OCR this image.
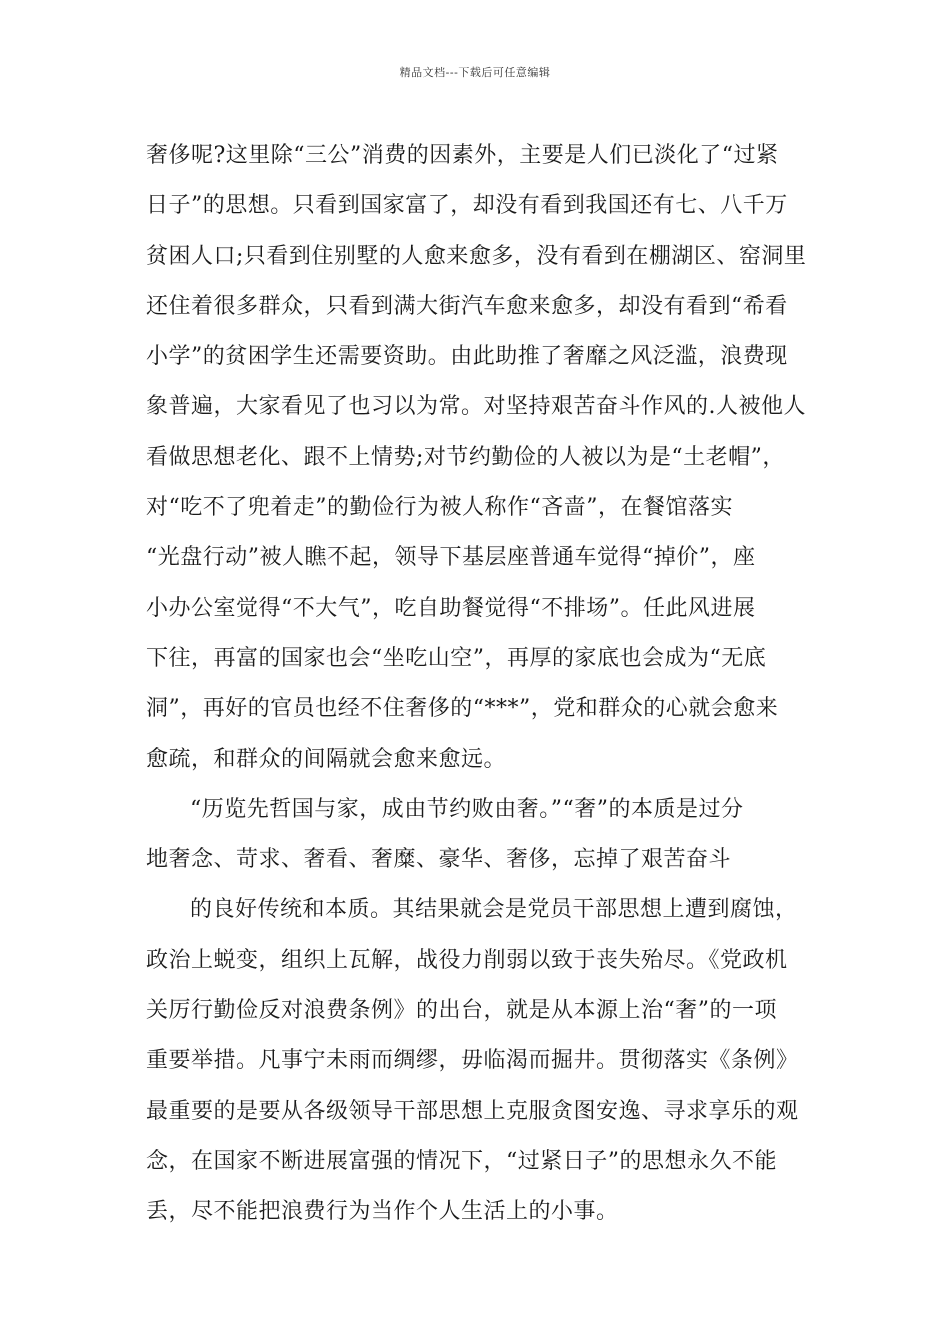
精品文档---下载后可任意编辑
奢侈呢?这里除“三公”消费的因素外，主要是人们已淡化了“过紧
日子”的思想。只看到国家富了，却没有看到我国还有七、八千万
贫困人口;只看到住别墅的人愈来愈多，没有看到在棚湖区、窑洞里
还住着很多群众，只看到满大街汽车愈来愈多，却没有看到“希看
小学”的贫困学生还需要资助。由此助推了奢靡之风泛滥，浪费现
象普遍，大家看见了也习以为常。对坚持艰苦奋斗作风的.人被他人
看做思想老化、跟不上情势;对节约勤俭的人被以为是“土老帽”，
对“吃不了兜着走”的勤俭行为被人称作“吝啬”，在餐馆落实
“光盘行动”被人瞧不起，领导下基层座普通车觉得“掉价”，座
小办公室觉得“不大气”，吃自助餐觉得“不排场”。任此风进展
下往，再富的国家也会“坐吃山空”，再厚的家底也会成为“无底
洞”，再好的官员也经不住奢侈的“***”，党和群众的心就会愈来
愈疏，和群众的间隔就会愈来愈远。
“历览先哲国与家，成由节约败由奢。”“奢”的本质是过分
地奢念、苛求、奢看、奢糜、豪华、奢侈，忘掉了艰苦奋斗
的良好传统和本质。其结果就会是党员干部思想上遭到腐蚀，
政治上蜕变，组织上瓦解，战役力削弱以致于丧失殆尽。《党政机
关厉行勤俭反对浪费条例》的出台，就是从本源上治“奢”的一项
重要举措。凡事宁未雨而绸缪，毋临渴而掘井。贯彻落实《条例》
最重要的是要从各级领导干部思想上克服贪图安逸、寻求享乐的观
念，在国家不断进展富强的情况下，“过紧日子”的思想永久不能
丢，尽不能把浪费行为当作个人生活上的小事。
